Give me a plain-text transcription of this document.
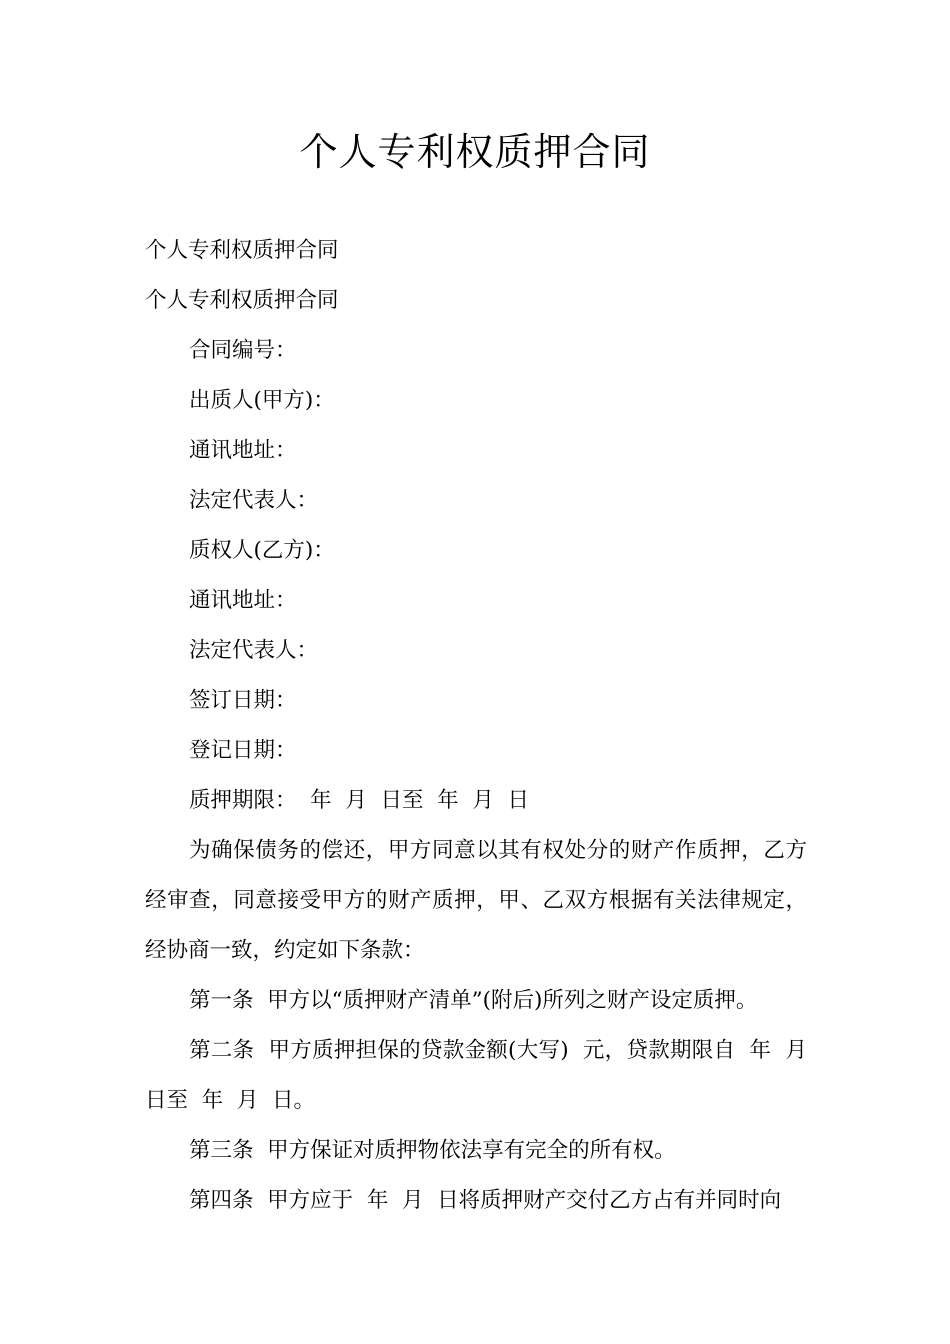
个人专利权质押合同

个人专利权质押合同

个人专利权质押合同

合同编号：

出质人(甲方)：

通讯地址：

法定代表人：

质权人(乙方)：

通讯地址：

法定代表人：

签订日期：

登记日期：

质押期限：  年  月  日至  年  月  日

为确保债务的偿还，甲方同意以其有权处分的财产作质押，乙方经审查，同意接受甲方的财产质押，甲、乙双方根据有关法律规定，经协商一致，约定如下条款：

第一条  甲方以“质押财产清单”(附后)所列之财产设定质押。

第二条  甲方质押担保的贷款金额(大写)  元，贷款期限自  年  月  日至  年  月  日。

第三条  甲方保证对质押物依法享有完全的所有权。

第四条  甲方应于  年  月  日将质押财产交付乙方占有并同时向
